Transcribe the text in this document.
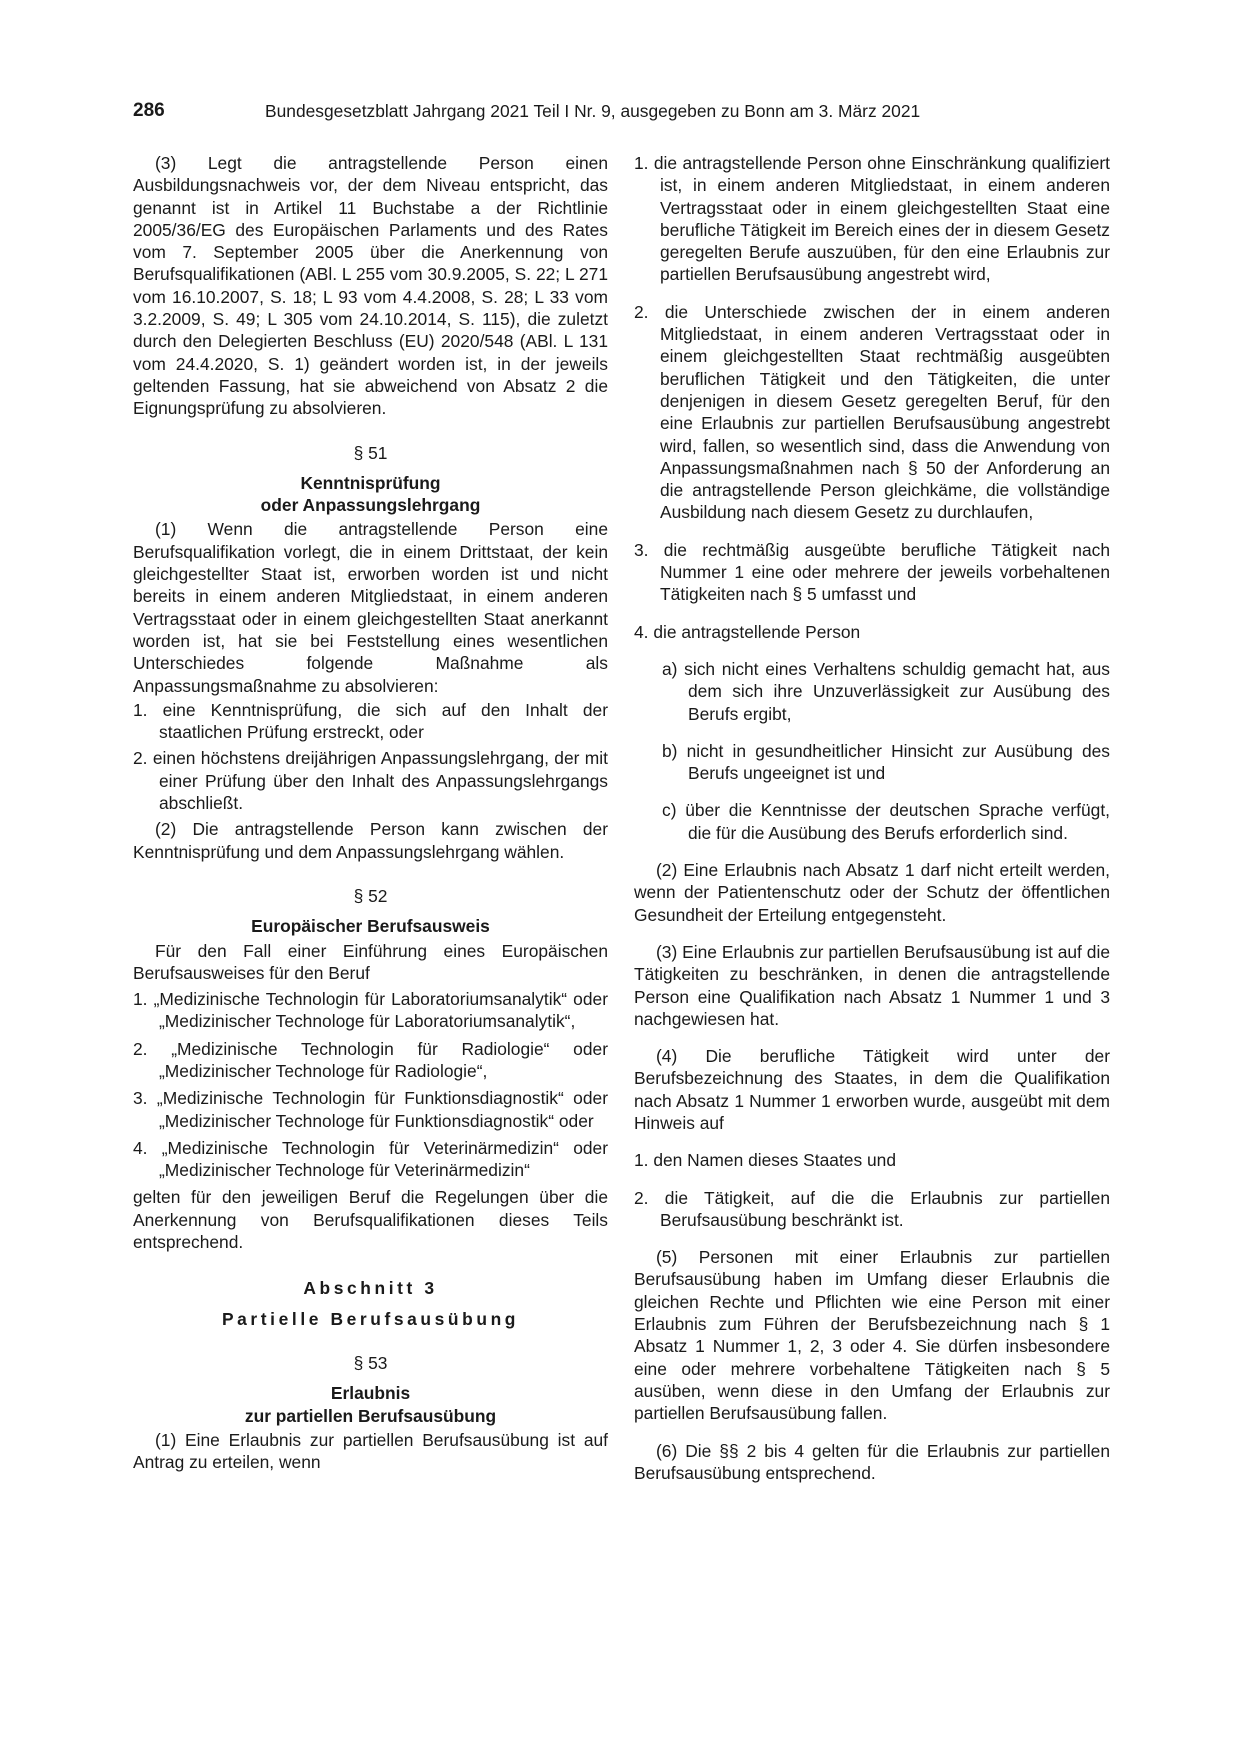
286	Bundesgesetzblatt Jahrgang 2021 Teil I Nr. 9, ausgegeben zu Bonn am 3. März 2021

(3) Legt die antragstellende Person einen Ausbildungsnachweis vor, der dem Niveau entspricht, das genannt ist in Artikel 11 Buchstabe a der Richtlinie 2005/36/EG des Europäischen Parlaments und des Rates vom 7. September 2005 über die Anerkennung von Berufsqualifikationen (ABl. L 255 vom 30.9.2005, S. 22; L 271 vom 16.10.2007, S. 18; L 93 vom 4.4.2008, S. 28; L 33 vom 3.2.2009, S. 49; L 305 vom 24.10.2014, S. 115), die zuletzt durch den Delegierten Beschluss (EU) 2020/548 (ABl. L 131 vom 24.4.2020, S. 1) geändert worden ist, in der jeweils geltenden Fassung, hat sie abweichend von Absatz 2 die Eignungsprüfung zu absolvieren.

§ 51

Kenntnisprüfung

oder Anpassungslehrgang

(1) Wenn die antragstellende Person eine Berufsqualifikation vorlegt, die in einem Drittstaat, der kein gleichgestellter Staat ist, erworben worden ist und nicht bereits in einem anderen Mitgliedstaat, in einem anderen Vertragsstaat oder in einem gleichgestellten Staat anerkannt worden ist, hat sie bei Feststellung eines wesentlichen Unterschiedes folgende Maßnahme als Anpassungsmaßnahme zu absolvieren:

1. eine Kenntnisprüfung, die sich auf den Inhalt der staatlichen Prüfung erstreckt, oder

2. einen höchstens dreijährigen Anpassungslehrgang, der mit einer Prüfung über den Inhalt des Anpassungslehrgangs abschließt.

(2) Die antragstellende Person kann zwischen der Kenntnisprüfung und dem Anpassungslehrgang wählen.

§ 52

Europäischer Berufsausweis

Für den Fall einer Einführung eines Europäischen Berufsausweises für den Beruf

1. „Medizinische Technologin für Laboratoriumsanalytik“ oder „Medizinischer Technologe für Laboratoriumsanalytik“,

2. „Medizinische Technologin für Radiologie“ oder „Medizinischer Technologe für Radiologie“,

3. „Medizinische Technologin für Funktionsdiagnostik“ oder „Medizinischer Technologe für Funktionsdiagnostik“ oder

4. „Medizinische Technologin für Veterinärmedizin“ oder „Medizinischer Technologe für Veterinärmedizin“

gelten für den jeweiligen Beruf die Regelungen über die Anerkennung von Berufsqualifikationen dieses Teils entsprechend.

Abschnitt 3

Partielle Berufsausübung

§ 53

Erlaubnis

zur partiellen Berufsausübung

(1) Eine Erlaubnis zur partiellen Berufsausübung ist auf Antrag zu erteilen, wenn

1. die antragstellende Person ohne Einschränkung qualifiziert ist, in einem anderen Mitgliedstaat, in einem anderen Vertragsstaat oder in einem gleichgestellten Staat eine berufliche Tätigkeit im Bereich eines der in diesem Gesetz geregelten Berufe auszuüben, für den eine Erlaubnis zur partiellen Berufsausübung angestrebt wird,

2. die Unterschiede zwischen der in einem anderen Mitgliedstaat, in einem anderen Vertragsstaat oder in einem gleichgestellten Staat rechtmäßig ausgeübten beruflichen Tätigkeit und den Tätigkeiten, die unter denjenigen in diesem Gesetz geregelten Beruf, für den eine Erlaubnis zur partiellen Berufsausübung angestrebt wird, fallen, so wesentlich sind, dass die Anwendung von Anpassungsmaßnahmen nach § 50 der Anforderung an die antragstellende Person gleichkäme, die vollständige Ausbildung nach diesem Gesetz zu durchlaufen,

3. die rechtmäßig ausgeübte berufliche Tätigkeit nach Nummer 1 eine oder mehrere der jeweils vorbehaltenen Tätigkeiten nach § 5 umfasst und

4. die antragstellende Person

a) sich nicht eines Verhaltens schuldig gemacht hat, aus dem sich ihre Unzuverlässigkeit zur Ausübung des Berufs ergibt,

b) nicht in gesundheitlicher Hinsicht zur Ausübung des Berufs ungeeignet ist und

c) über die Kenntnisse der deutschen Sprache verfügt, die für die Ausübung des Berufs erforderlich sind.

(2) Eine Erlaubnis nach Absatz 1 darf nicht erteilt werden, wenn der Patientenschutz oder der Schutz der öffentlichen Gesundheit der Erteilung entgegensteht.

(3) Eine Erlaubnis zur partiellen Berufsausübung ist auf die Tätigkeiten zu beschränken, in denen die antragstellende Person eine Qualifikation nach Absatz 1 Nummer 1 und 3 nachgewiesen hat.

(4) Die berufliche Tätigkeit wird unter der Berufsbezeichnung des Staates, in dem die Qualifikation nach Absatz 1 Nummer 1 erworben wurde, ausgeübt mit dem Hinweis auf

1. den Namen dieses Staates und

2. die Tätigkeit, auf die die Erlaubnis zur partiellen Berufsausübung beschränkt ist.

(5) Personen mit einer Erlaubnis zur partiellen Berufsausübung haben im Umfang dieser Erlaubnis die gleichen Rechte und Pflichten wie eine Person mit einer Erlaubnis zum Führen der Berufsbezeichnung nach § 1 Absatz 1 Nummer 1, 2, 3 oder 4. Sie dürfen insbesondere eine oder mehrere vorbehaltene Tätigkeiten nach § 5 ausüben, wenn diese in den Umfang der Erlaubnis zur partiellen Berufsausübung fallen.

(6) Die §§ 2 bis 4 gelten für die Erlaubnis zur partiellen Berufsausübung entsprechend.
